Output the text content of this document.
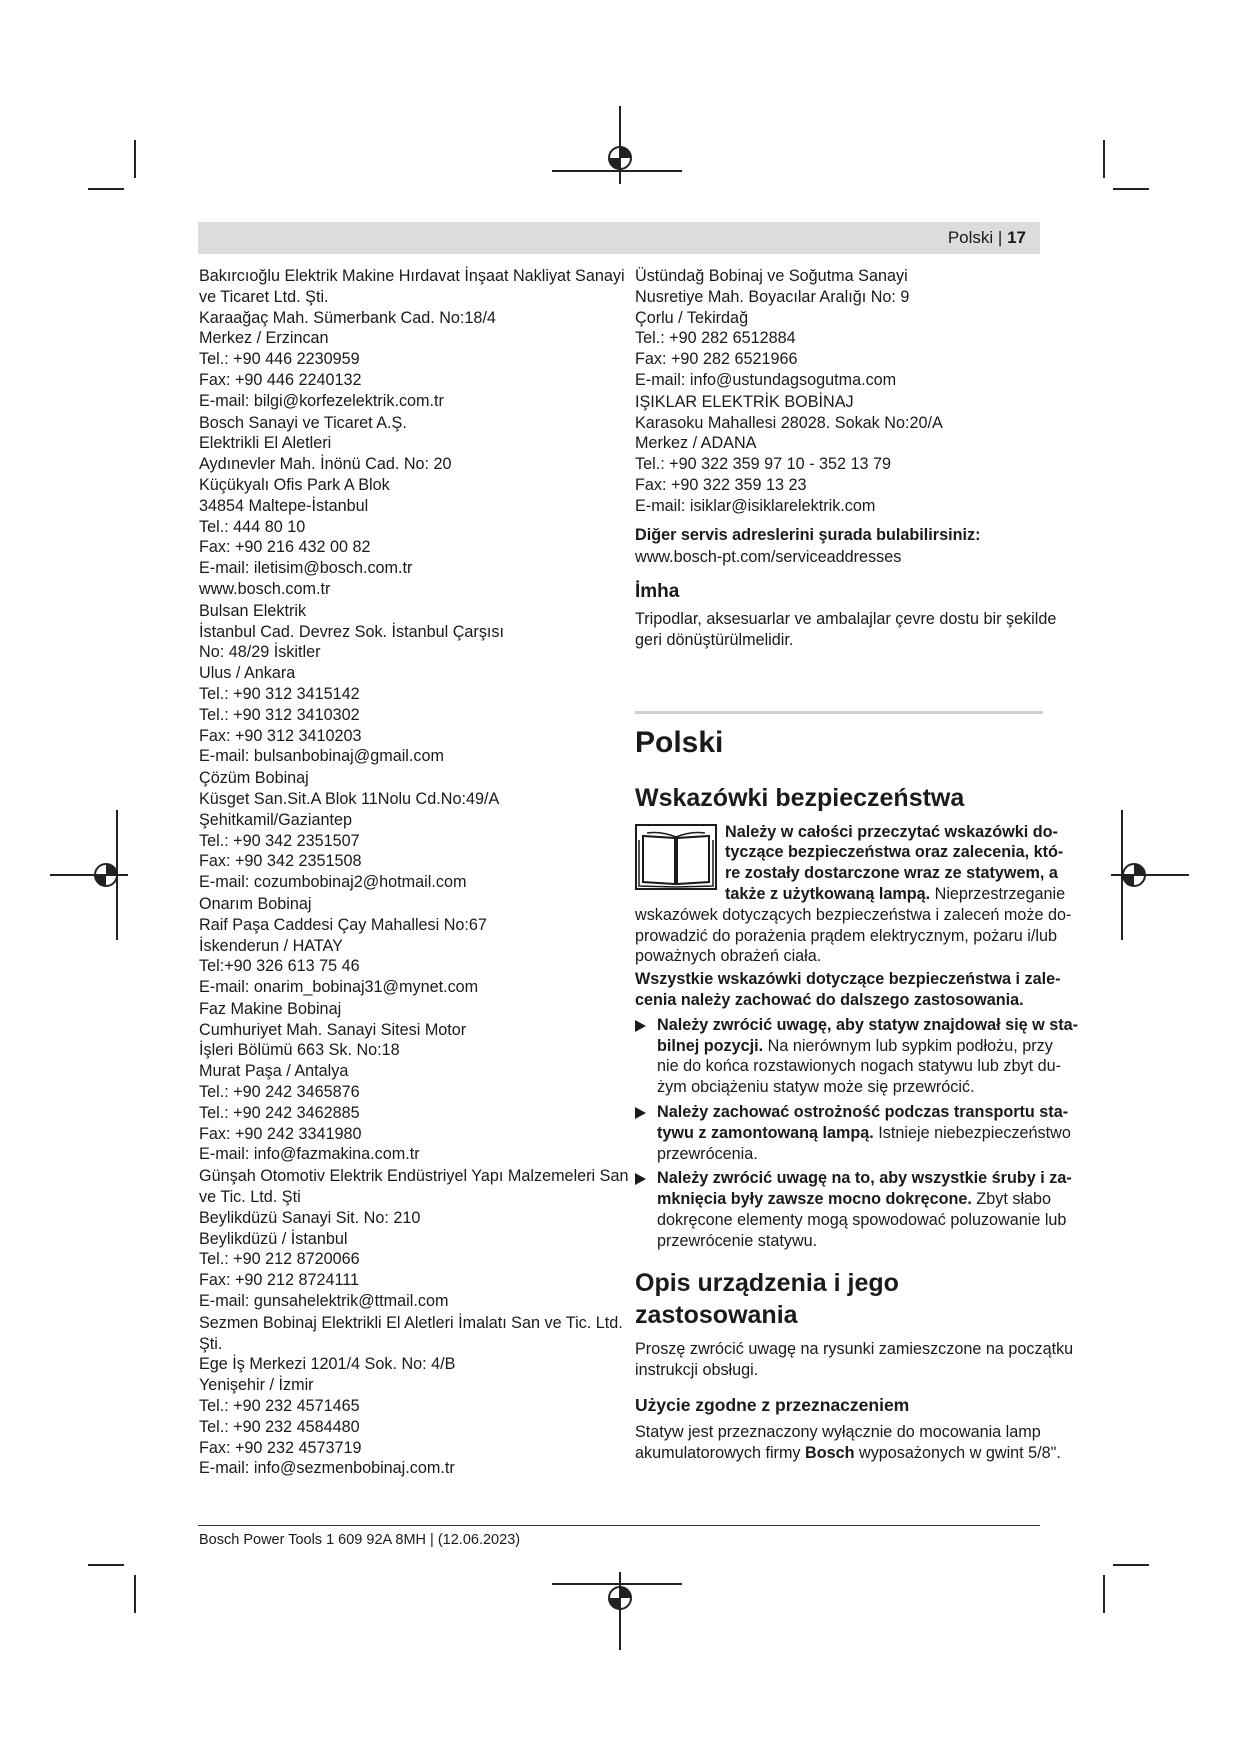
Polski | 17
Bakırcıoğlu Elektrik Makine Hırdavat İnşaat Nakliyat Sanayi
ve Ticaret Ltd. Şti.
Karaağaç Mah. Sümerbank Cad. No:18/4
Merkez / Erzincan
Tel.: +90 446 2230959
Fax: +90 446 2240132
E-mail: bilgi@korfezelektrik.com.tr
Bosch Sanayi ve Ticaret A.Ş.
Elektrikli El Aletleri
Aydınevler Mah. İnönü Cad. No: 20
Küçükyalı Ofis Park A Blok
34854 Maltepe-İstanbul
Tel.: 444 80 10
Fax: +90 216 432 00 82
E-mail: iletisim@bosch.com.tr
www.bosch.com.tr
Bulsan Elektrik
İstanbul Cad. Devrez Sok. İstanbul Çarşısı
No: 48/29 İskitler
Ulus / Ankara
Tel.: +90 312 3415142
Tel.: +90 312 3410302
Fax: +90 312 3410203
E-mail: bulsanbobinaj@gmail.com
Çözüm Bobinaj
Küsget San.Sit.A Blok 11Nolu Cd.No:49/A
Şehitkamil/Gaziantep
Tel.: +90 342 2351507
Fax: +90 342 2351508
E-mail: cozumbobinaj2@hotmail.com
Onarım Bobinaj
Raif Paşa Caddesi Çay Mahallesi No:67
İskenderun / HATAY
Tel:+90 326 613 75 46
E-mail: onarim_bobinaj31@mynet.com
Faz Makine Bobinaj
Cumhuriyet Mah. Sanayi Sitesi Motor
İşleri Bölümü 663 Sk. No:18
Murat Paşa / Antalya
Tel.: +90 242 3465876
Tel.: +90 242 3462885
Fax: +90 242 3341980
E-mail: info@fazmakina.com.tr
Günşah Otomotiv Elektrik Endüstriyel Yapı Malzemeleri San
ve Tic. Ltd. Şti
Beylikdüzü Sanayi Sit. No: 210
Beylikdüzü / İstanbul
Tel.: +90 212 8720066
Fax: +90 212 8724111
E-mail: gunsahelektrik@ttmail.com
Sezmen Bobinaj Elektrikli El Aletleri İmalatı San ve Tic. Ltd.
Şti.
Ege İş Merkezi 1201/4 Sok. No: 4/B
Yenişehir / İzmir
Tel.: +90 232 4571465
Tel.: +90 232 4584480
Fax: +90 232 4573719
E-mail: info@sezmenbobinaj.com.tr
Üstündağ Bobinaj ve Soğutma Sanayi
Nusretiye Mah. Boyacılar Aralığı No: 9
Çorlu / Tekirdağ
Tel.: +90 282 6512884
Fax: +90 282 6521966
E-mail: info@ustundagsogutma.com
IŞIKLAR ELEKTRİK BOBİNAJ
Karasoku Mahallesi 28028. Sokak No:20/A
Merkez / ADANA
Tel.: +90 322 359 97 10 - 352 13 79
Fax: +90 322 359 13 23
E-mail: isiklar@isiklarelektrik.com
Diğer servis adreslerini şurada bulabilirsiniz:
www.bosch-pt.com/serviceaddresses
İmha
Tripodlar, aksesuarlar ve ambalajlar çevre dostu bir şekilde
geri dönüştürülmelidir.
Polski
Wskazówki bezpieczeństwa
Należy w całości przeczytać wskazówki do-
tyczące bezpieczeństwa oraz zalecenia, któ-
re zostały dostarczone wraz ze statywem, a
także z użytkowaną lampą. Nieprzestrzeganie
wskazówek dotyczących bezpieczeństwa i zaleceń może do-
prowadzić do porażenia prądem elektrycznym, pożaru i/lub
poważnych obrażeń ciała.
Wszystkie wskazówki dotyczące bezpieczeństwa i zale-
cenia należy zachować do dalszego zastosowania.
Należy zwrócić uwagę, aby statyw znajdował się w sta-
bilnej pozycji. Na nierównym lub sypkim podłożu, przy
nie do końca rozstawionych nogach statywu lub zbyt du-
żym obciążeniu statyw może się przewrócić.
Należy zachować ostrożność podczas transportu sta-
tywu z zamontowaną lampą. Istnieje niebezpieczeństwo
przewrócenia.
Należy zwrócić uwagę na to, aby wszystkie śruby i za-
mknięcia były zawsze mocno dokręcone. Zbyt słabo
dokręcone elementy mogą spowodować poluzowanie lub
przewrócenie statywu.
Opis urządzenia i jego zastosowania
Proszę zwrócić uwagę na rysunki zamieszczone na początku
instrukcji obsługi.
Użycie zgodne z przeznaczeniem
Statyw jest przeznaczony wyłącznie do mocowania lamp
akumulatorowych firmy Bosch wyposażonych w gwint 5/8".
Bosch Power Tools 1 609 92A 8MH | (12.06.2023)
